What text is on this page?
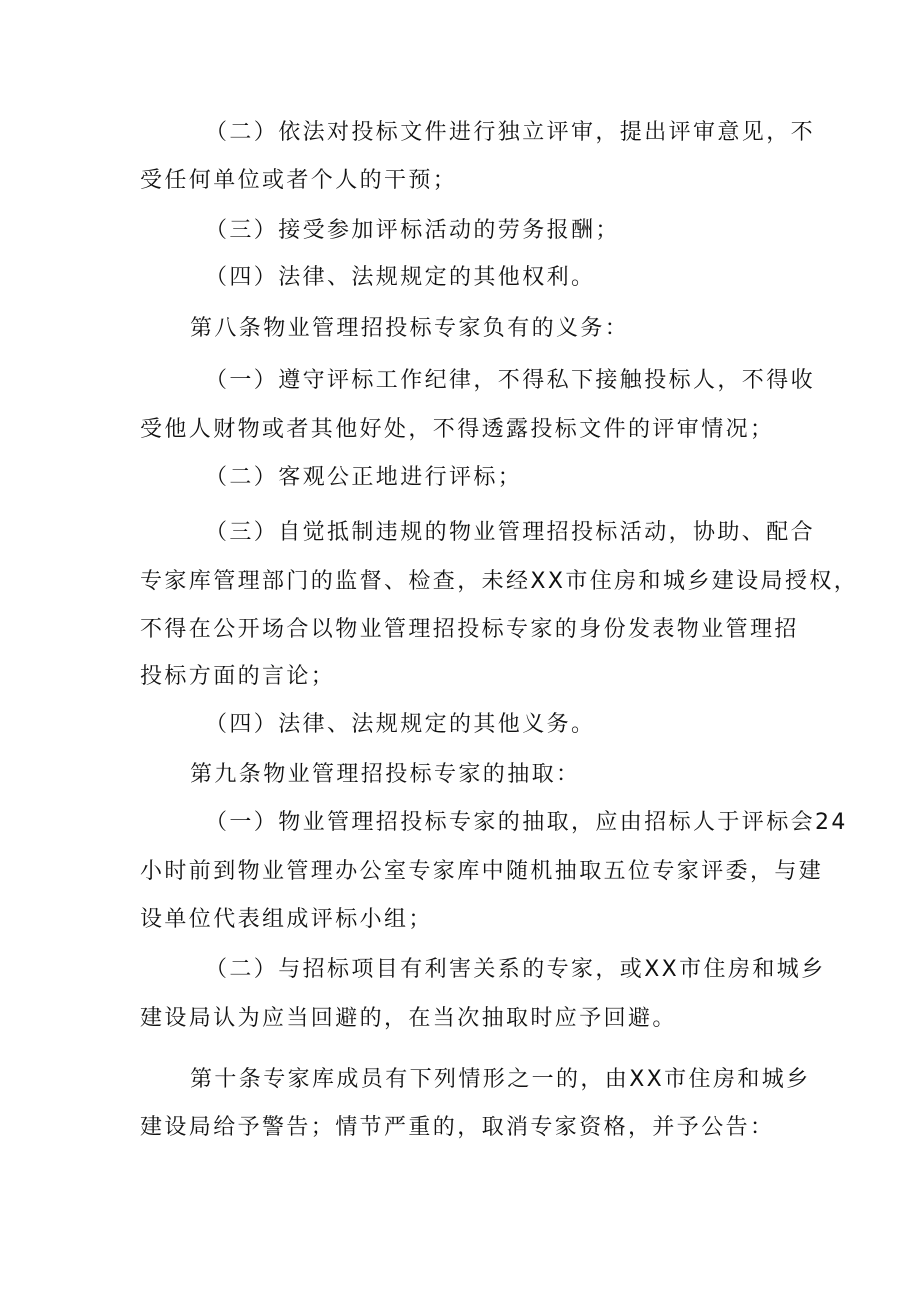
（二）依法对投标文件进行独立评审，提出评审意见，不
受任何单位或者个人的干预；
（三）接受参加评标活动的劳务报酬；
（四）法律、法规规定的其他权利。
第八条物业管理招投标专家负有的义务：
（一）遵守评标工作纪律，不得私下接触投标人，不得收
受他人财物或者其他好处，不得透露投标文件的评审情况；
（二）客观公正地进行评标；
（三）自觉抵制违规的物业管理招投标活动，协助、配合
专家库管理部门的监督、检查，未经XX市住房和城乡建设局授权，
不得在公开场合以物业管理招投标专家的身份发表物业管理招
投标方面的言论；
（四）法律、法规规定的其他义务。
第九条物业管理招投标专家的抽取：
（一）物业管理招投标专家的抽取，应由招标人于评标会24
小时前到物业管理办公室专家库中随机抽取五位专家评委，与建
设单位代表组成评标小组；
（二）与招标项目有利害关系的专家，或XX市住房和城乡
建设局认为应当回避的，在当次抽取时应予回避。
第十条专家库成员有下列情形之一的，由XX市住房和城乡
建设局给予警告；情节严重的，取消专家资格，并予公告：
